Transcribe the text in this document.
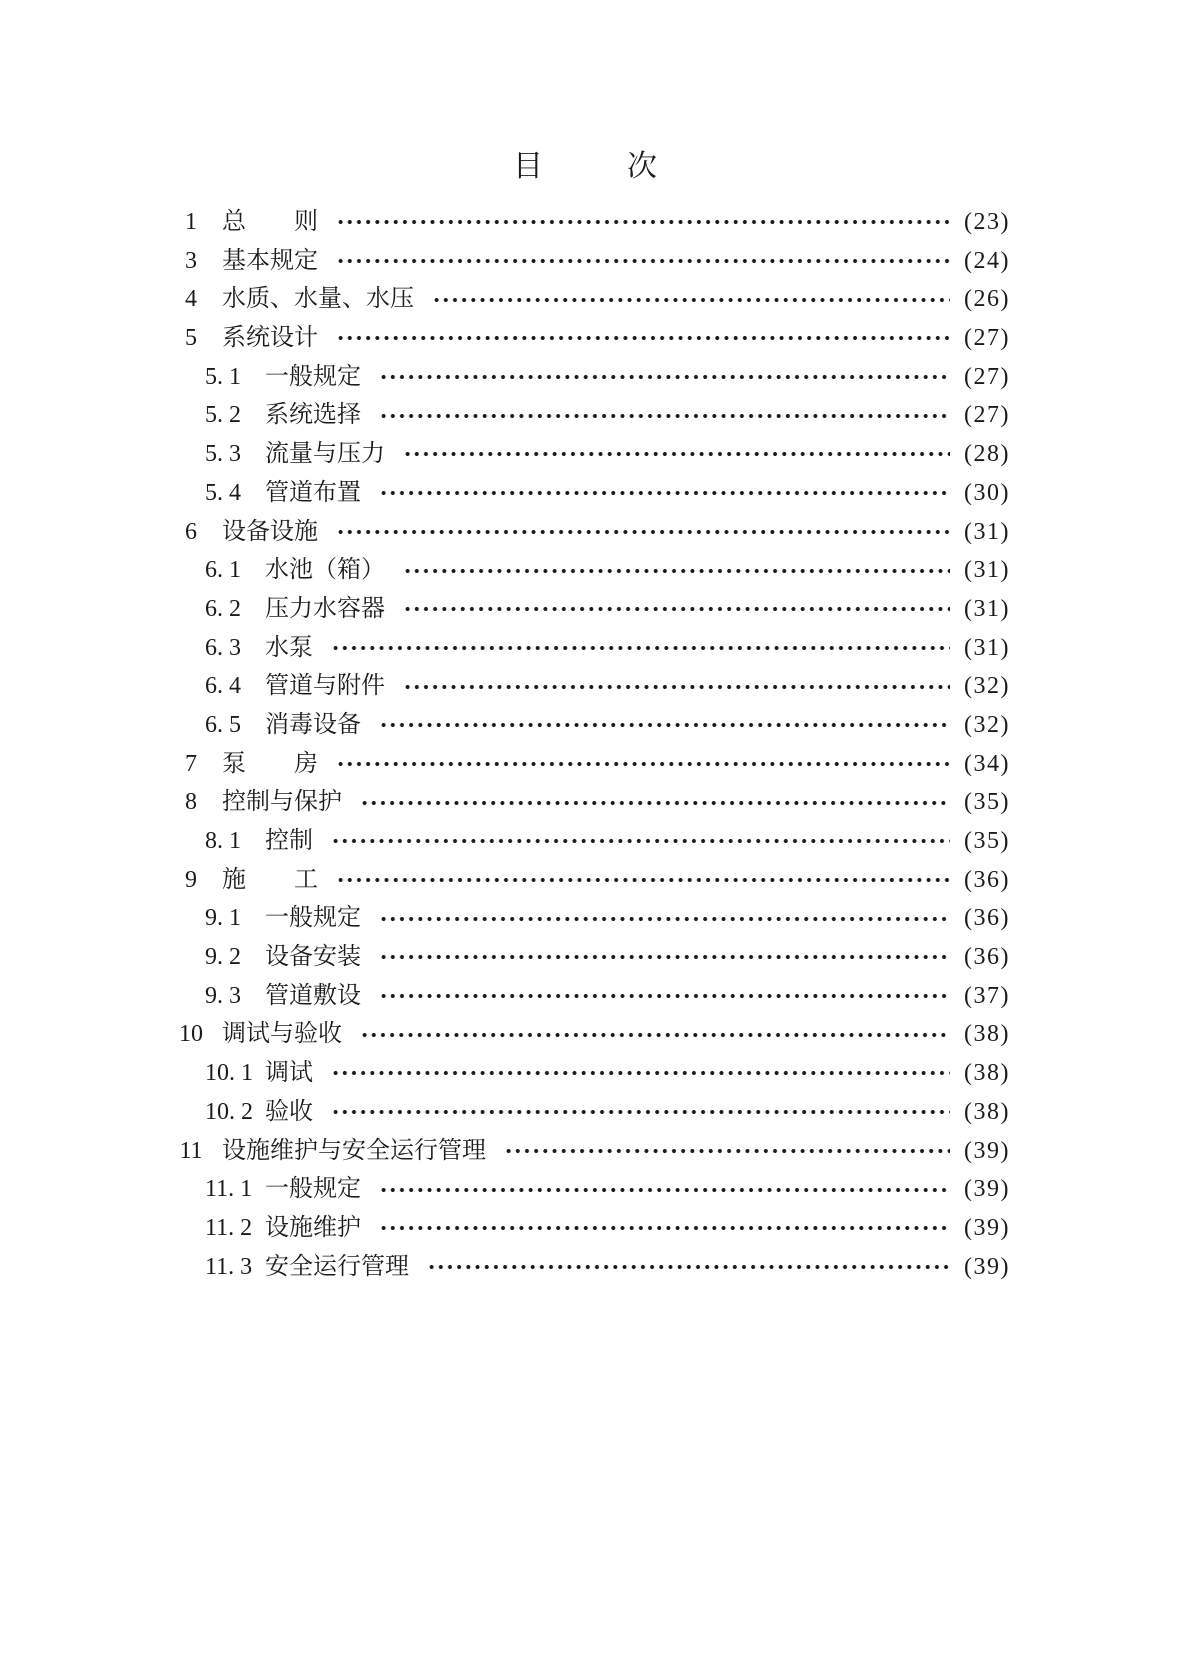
目　　次
1	总　　则	(23)
3	基本规定	(24)
4	水质、水量、水压	(26)
5	系统设计	(27)
5. 1	一般规定	(27)
5. 2	系统选择	(27)
5. 3	流量与压力	(28)
5. 4	管道布置	(30)
6	设备设施	(31)
6. 1	水池（箱）	(31)
6. 2	压力水容器	(31)
6. 3	水泵	(31)
6. 4	管道与附件	(32)
6. 5	消毒设备	(32)
7	泵　　房	(34)
8	控制与保护	(35)
8. 1	控制	(35)
9	施　　工	(36)
9. 1	一般规定	(36)
9. 2	设备安装	(36)
9. 3	管道敷设	(37)
10 调试与验收	(38)
10. 1 调试	(38)
10. 2 验收	(38)
11 设施维护与安全运行管理	(39)
11. 1 一般规定	(39)
11. 2 设施维护	(39)
11. 3 安全运行管理	(39)
